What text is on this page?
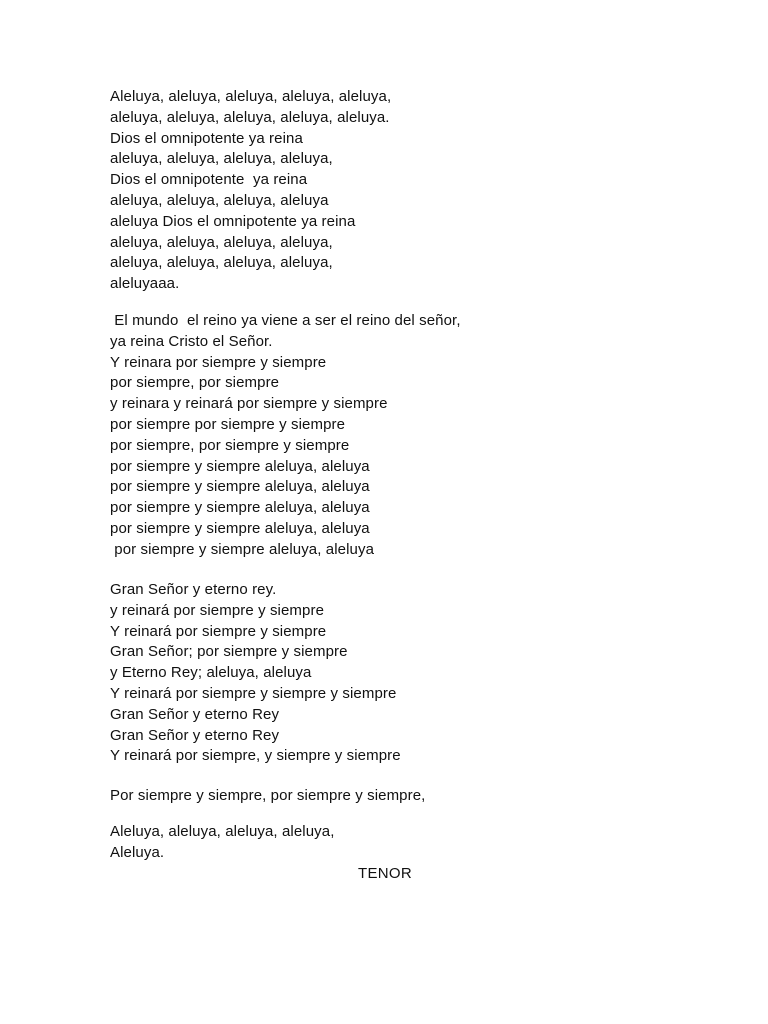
Aleluya, aleluya, aleluya, aleluya, aleluya,
aleluya, aleluya, aleluya, aleluya, aleluya.
Dios el omnipotente ya reina
aleluya, aleluya, aleluya, aleluya,
Dios el omnipotente  ya reina
aleluya, aleluya, aleluya, aleluya
aleluya Dios el omnipotente ya reina
aleluya, aleluya, aleluya, aleluya,
aleluya, aleluya, aleluya, aleluya,
aleluyaaa.
El mundo  el reino ya viene a ser el reino del señor,
ya reina Cristo el Señor.
Y reinara por siempre y siempre
por siempre, por siempre
y reinara y reinará por siempre y siempre
por siempre por siempre y siempre
por siempre, por siempre y siempre
por siempre y siempre aleluya, aleluya
por siempre y siempre aleluya, aleluya
por siempre y siempre aleluya, aleluya
por siempre y siempre aleluya, aleluya
por siempre y siempre aleluya, aleluya
Gran Señor y eterno rey.
y reinará por siempre y siempre
Y reinará por siempre y siempre
Gran Señor; por siempre y siempre
y Eterno Rey; aleluya, aleluya
Y reinará por siempre y siempre y siempre
Gran Señor y eterno Rey
Gran Señor y eterno Rey
Y reinará por siempre, y siempre y siempre
Por siempre y siempre, por siempre y siempre,
Aleluya, aleluya, aleluya, aleluya,
Aleluya.
TENOR
